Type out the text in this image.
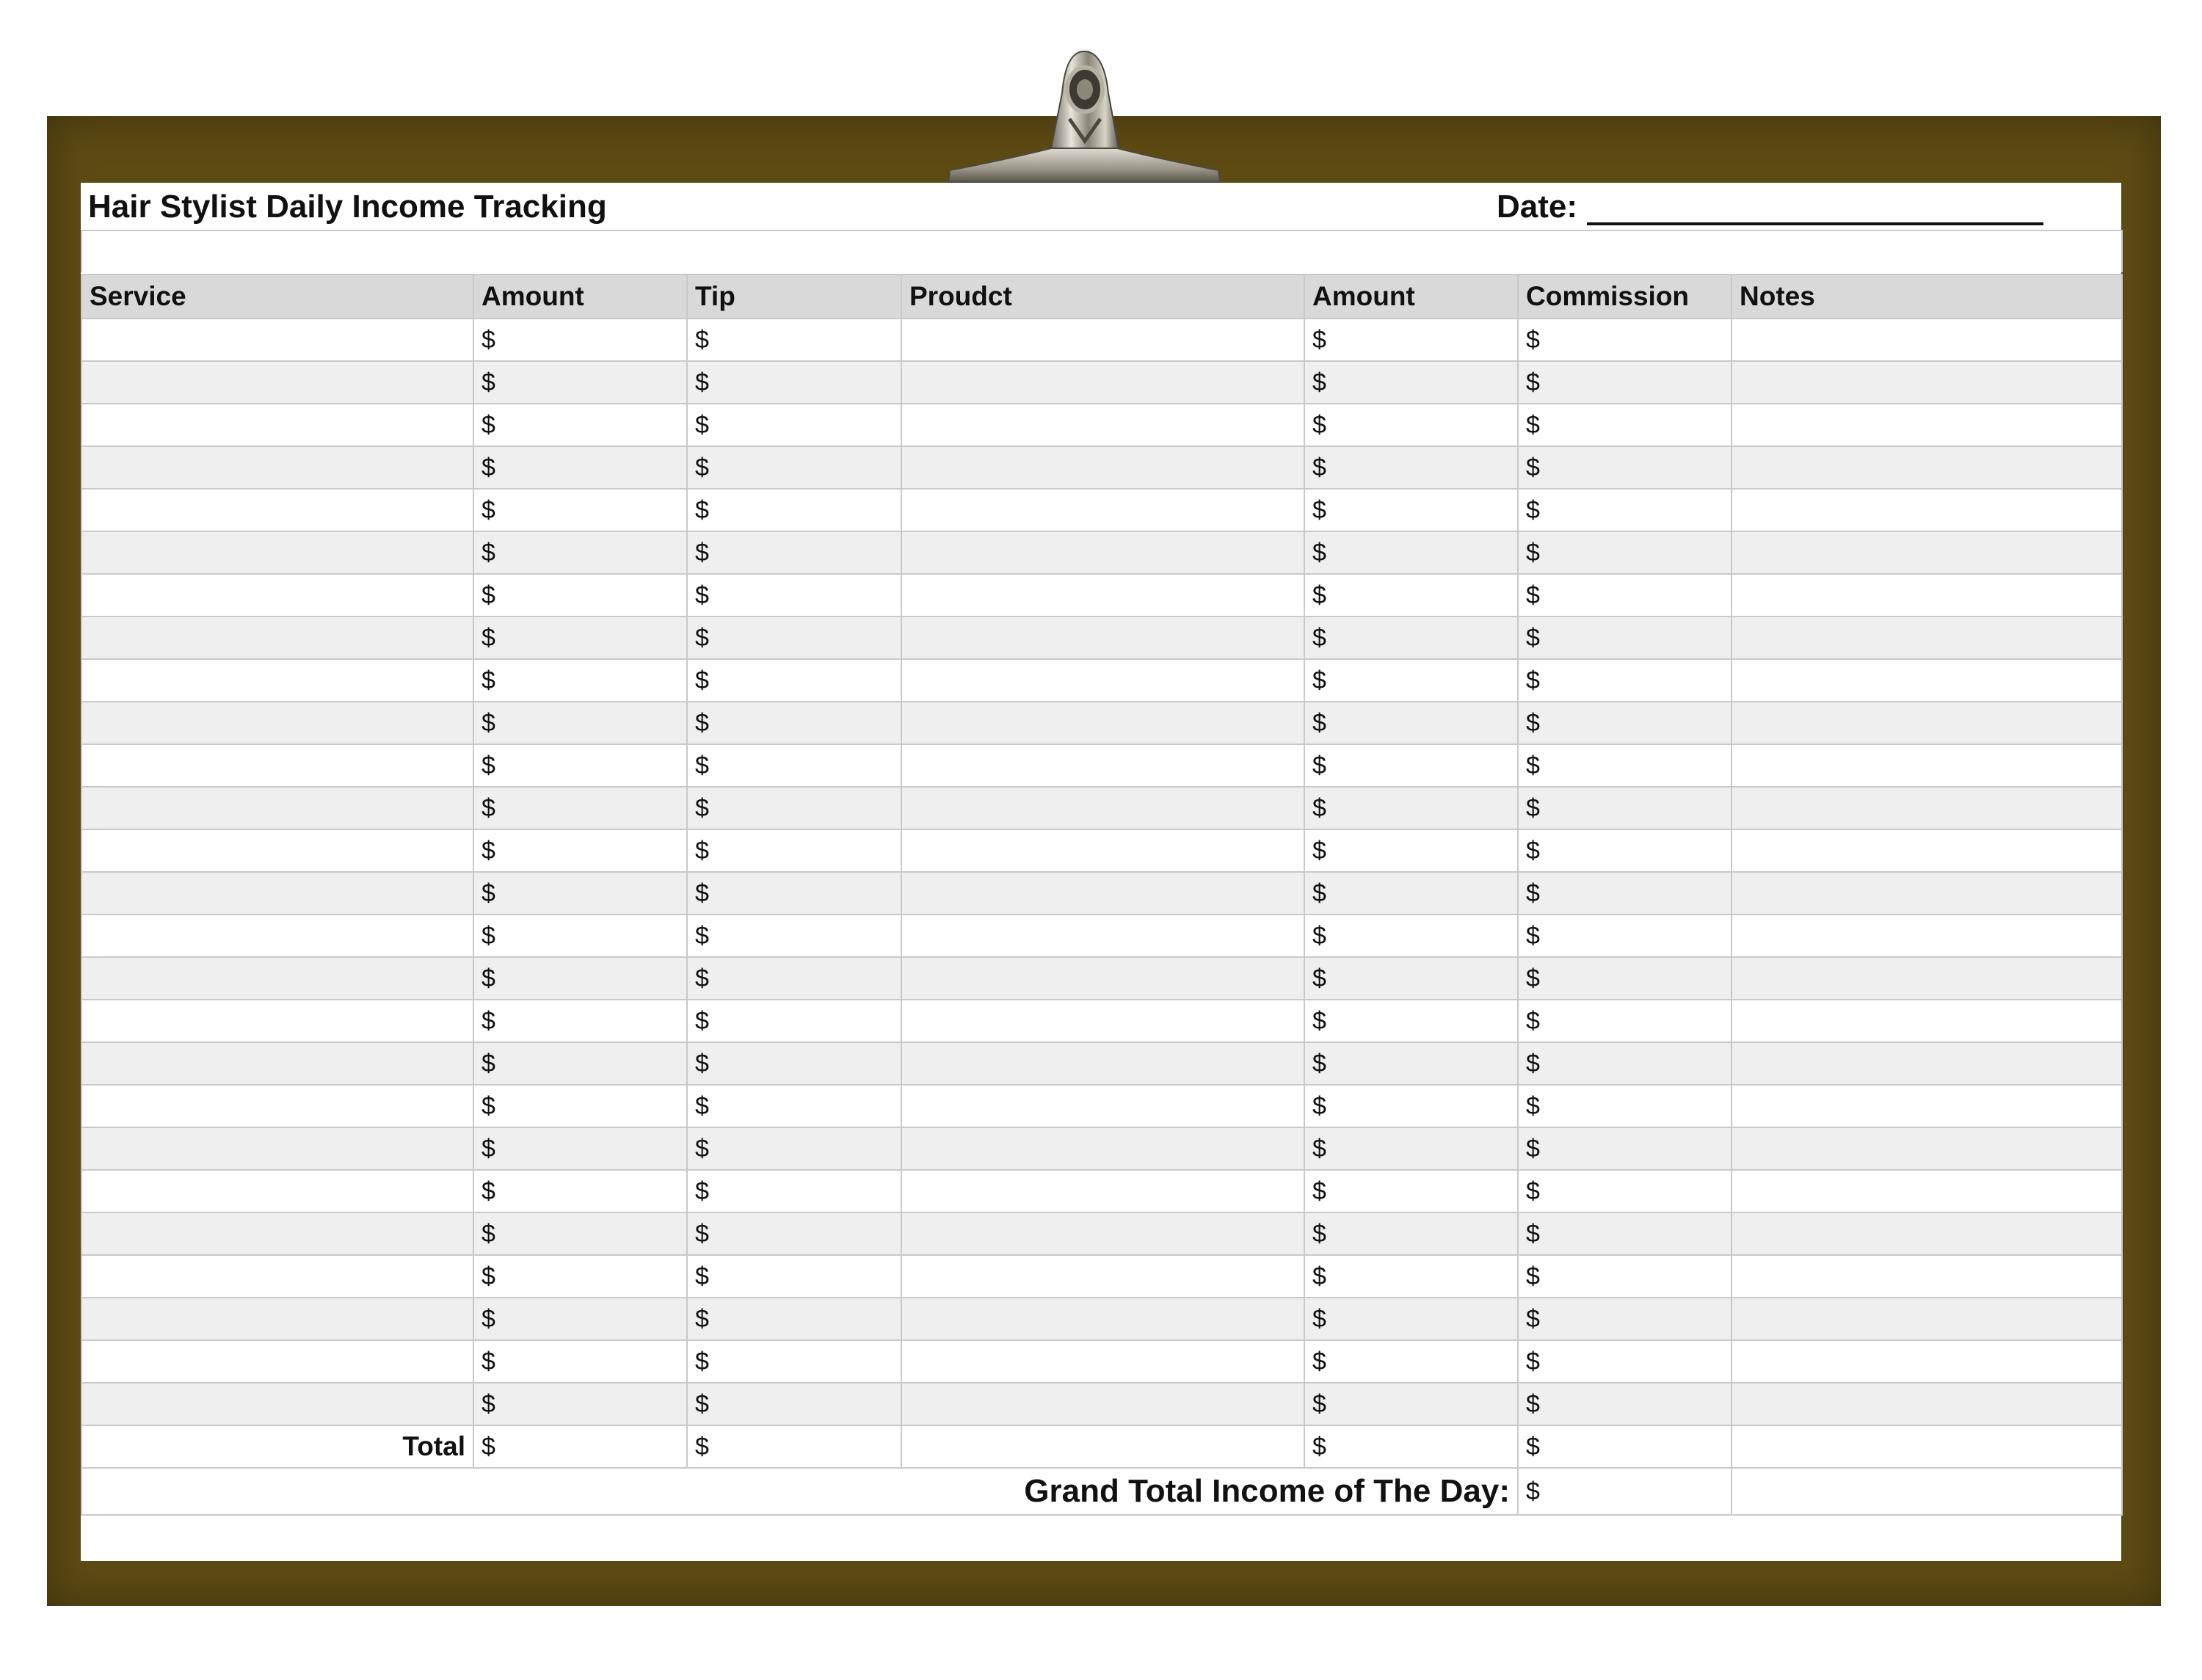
Hair Stylist Daily Income Tracking	Date:
Service	Amount	Tip	Proudct	Amount	Commission	Notes
	$	$		$	$	
	$	$		$	$	
	$	$		$	$	
	$	$		$	$	
	$	$		$	$	
	$	$		$	$	
	$	$		$	$	
	$	$		$	$	
	$	$		$	$	
	$	$		$	$	
	$	$		$	$	
	$	$		$	$	
	$	$		$	$	
	$	$		$	$	
	$	$		$	$	
	$	$		$	$	
	$	$		$	$	
	$	$		$	$	
	$	$		$	$	
	$	$		$	$	
	$	$		$	$	
	$	$		$	$	
	$	$		$	$	
	$	$		$	$	
	$	$		$	$	
	$	$		$	$	
Total	$	$		$	$	
Grand Total Income of The Day:					$	
